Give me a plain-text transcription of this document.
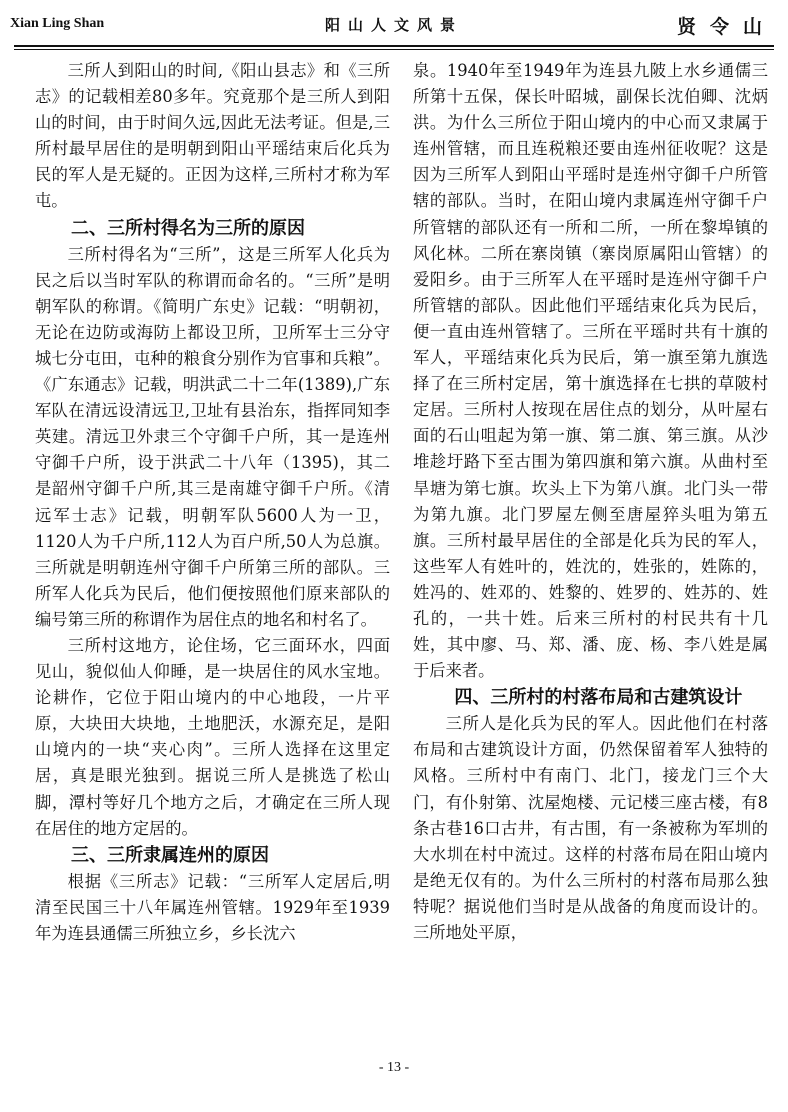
Xian Ling Shan	阳山人文风景	贤令山

三所人到阳山的时间,《阳山县志》和《三所志》的记载相差80多年。究竟那个是三所人到阳山的时间，由于时间久远,因此无法考证。但是,三所村最早居住的是明朝到阳山平瑶结束后化兵为民的军人是无疑的。正因为这样,三所村才称为军屯。

二、三所村得名为三所的原因

三所村得名为“三所”，这是三所军人化兵为民之后以当时军队的称谓而命名的。“三所”是明朝军队的称谓。《简明广东史》记载：“明朝初，无论在边防或海防上都设卫所，卫所军士三分守城七分屯田，屯种的粮食分别作为官事和兵粮”。《广东通志》记载，明洪武二十二年(1389),广东军队在清远设清远卫,卫址有县治东，指挥同知李英建。清远卫外隶三个守御千户所，其一是连州守御千户所，设于洪武二十八年（1395)，其二是韶州守御千户所,其三是南雄守御千户所。《清远军士志》记载，明朝军队5600人为一卫，1120人为千户所,112人为百户所,50人为总旗。三所就是明朝连州守御千户所第三所的部队。三所军人化兵为民后，他们便按照他们原来部队的编号第三所的称谓作为居住点的地名和村名了。

三所村这地方，论住场，它三面环水，四面见山，貌似仙人仰睡，是一块居住的风水宝地。论耕作，它位于阳山境内的中心地段，一片平原，大块田大块地，土地肥沃，水源充足，是阳山境内的一块“夹心肉”。三所人选择在这里定居，真是眼光独到。据说三所人是挑选了松山脚，潭村等好几个地方之后，才确定在三所人现在居住的地方定居的。

三、三所隶属连州的原因

根据《三所志》记载：“三所军人定居后,明清至民国三十八年属连州管辖。1929年至1939年为连县通儒三所独立乡，乡长沈六

泉。1940年至1949年为连县九陂上水乡通儒三所第十五保，保长叶昭城，副保长沈伯卿、沈炳洪。为什么三所位于阳山境内的中心而又隶属于连州管辖，而且连税粮还要由连州征收呢？这是因为三所军人到阳山平瑶时是连州守御千户所管辖的部队。当时，在阳山境内隶属连州守御千户所管辖的部队还有一所和二所，一所在黎埠镇的风化林。二所在寨岗镇（寨岗原属阳山管辖）的爱阳乡。由于三所军人在平瑶时是连州守御千户所管辖的部队。因此他们平瑶结束化兵为民后，便一直由连州管辖了。三所在平瑶时共有十旗的军人，平瑶结束化兵为民后，第一旗至第九旗选择了在三所村定居，第十旗选择在七拱的草陂村定居。三所村人按现在居住点的划分，从叶屋右面的石山咀起为第一旗、第二旗、第三旗。从沙堆趁圩路下至古围为第四旗和第六旗。从曲村至旱塘为第七旗。坎头上下为第八旗。北门头一带为第九旗。北门罗屋左侧至唐屋猝头咀为第五旗。三所村最早居住的全部是化兵为民的军人，这些军人有姓叶的，姓沈的，姓张的，姓陈的，姓冯的、姓邓的、姓黎的、姓罗的、姓苏的、姓孔的，一共十姓。后来三所村的村民共有十几姓，其中廖、马、郑、潘、庞、杨、李八姓是属于后来者。

四、三所村的村落布局和古建筑设计

三所人是化兵为民的军人。因此他们在村落布局和古建筑设计方面，仍然保留着军人独特的风格。三所村中有南门、北门，接龙门三个大门，有仆射第、沈屋炮楼、元记楼三座古楼，有8条古巷16口古井，有古围，有一条被称为军圳的大水圳在村中流过。这样的村落布局在阳山境内是绝无仅有的。为什么三所村的村落布局那么独特呢？据说他们当时是从战备的角度而设计的。三所地处平原，

- 13 -
